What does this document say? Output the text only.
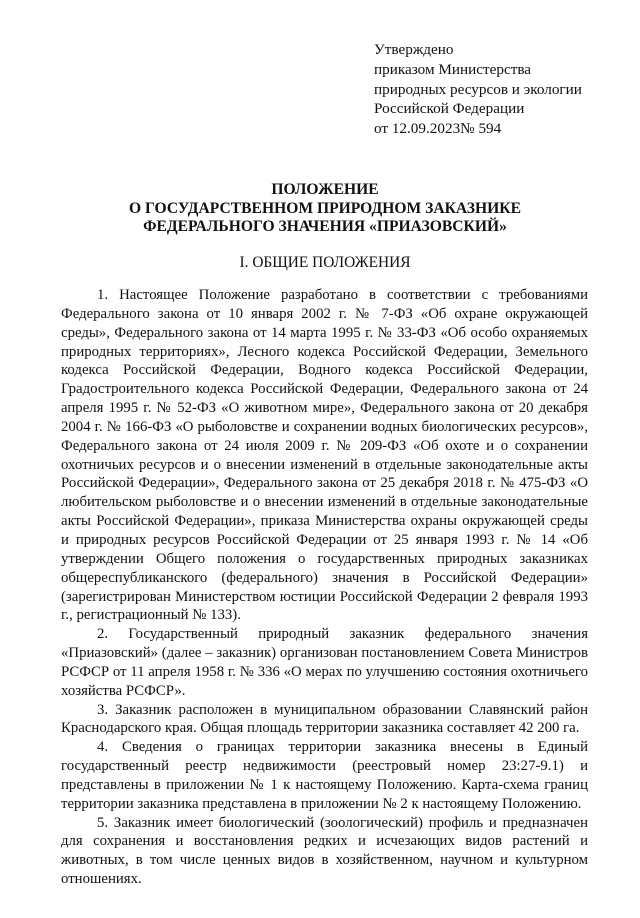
Утверждено
приказом Министерства
природных ресурсов и экологии
Российской Федерации
от 12.09.2023№ 594
ПОЛОЖЕНИЕ
О ГОСУДАРСТВЕННОМ ПРИРОДНОМ ЗАКАЗНИКЕ
ФЕДЕРАЛЬНОГО ЗНАЧЕНИЯ «ПРИАЗОВСКИЙ»
I. ОБЩИЕ ПОЛОЖЕНИЯ

1. Настоящее Положение разработано в соответствии с требованиями Федерального закона от 10 января 2002 г. № 7-ФЗ «Об охране окружающей среды», Федерального закона от 14 марта 1995 г. № 33-ФЗ «Об особо охраняемых природных территориях», Лесного кодекса Российской Федерации, Земельного кодекса Российской Федерации, Водного кодекса Российской Федерации, Градостроительного кодекса Российской Федерации, Федерального закона от 24 апреля 1995 г. № 52-ФЗ «О животном мире», Федерального закона от 20 декабря 2004 г. № 166-ФЗ «О рыболовстве и сохранении водных биологических ресурсов», Федерального закона от 24 июля 2009 г. № 209-ФЗ «Об охоте и о сохранении охотничьих ресурсов и о внесении изменений в отдельные законодательные акты Российской Федерации», Федерального закона от 25 декабря 2018 г. № 475-ФЗ «О любительском рыболовстве и о внесении изменений в отдельные законодательные акты Российской Федерации», приказа Министерства охраны окружающей среды и природных ресурсов Российской Федерации от 25 января 1993 г. № 14 «Об утверждении Общего положения о государственных природных заказниках общереспубликанского (федерального) значения в Российской Федерации» (зарегистрирован Министерством юстиции Российской Федерации 2 февраля 1993 г., регистрационный № 133).

2. Государственный природный заказник федерального значения «Приазовский» (далее – заказник) организован постановлением Совета Министров РСФСР от 11 апреля 1958 г. № 336 «О мерах по улучшению состояния охотничьего хозяйства РСФСР».

3. Заказник расположен в муниципальном образовании Славянский район Краснодарского края. Общая площадь территории заказника составляет 42 200 га.

4. Сведения о границах территории заказника внесены в Единый государственный реестр недвижимости (реестровый номер 23:27-9.1) и представлены в приложении № 1 к настоящему Положению. Карта-схема границ территории заказника представлена в приложении № 2 к настоящему Положению.

5. Заказник имеет биологический (зоологический) профиль и предназначен для сохранения и восстановления редких и исчезающих видов растений и животных, в том числе ценных видов в хозяйственном, научном и культурном отношениях.
